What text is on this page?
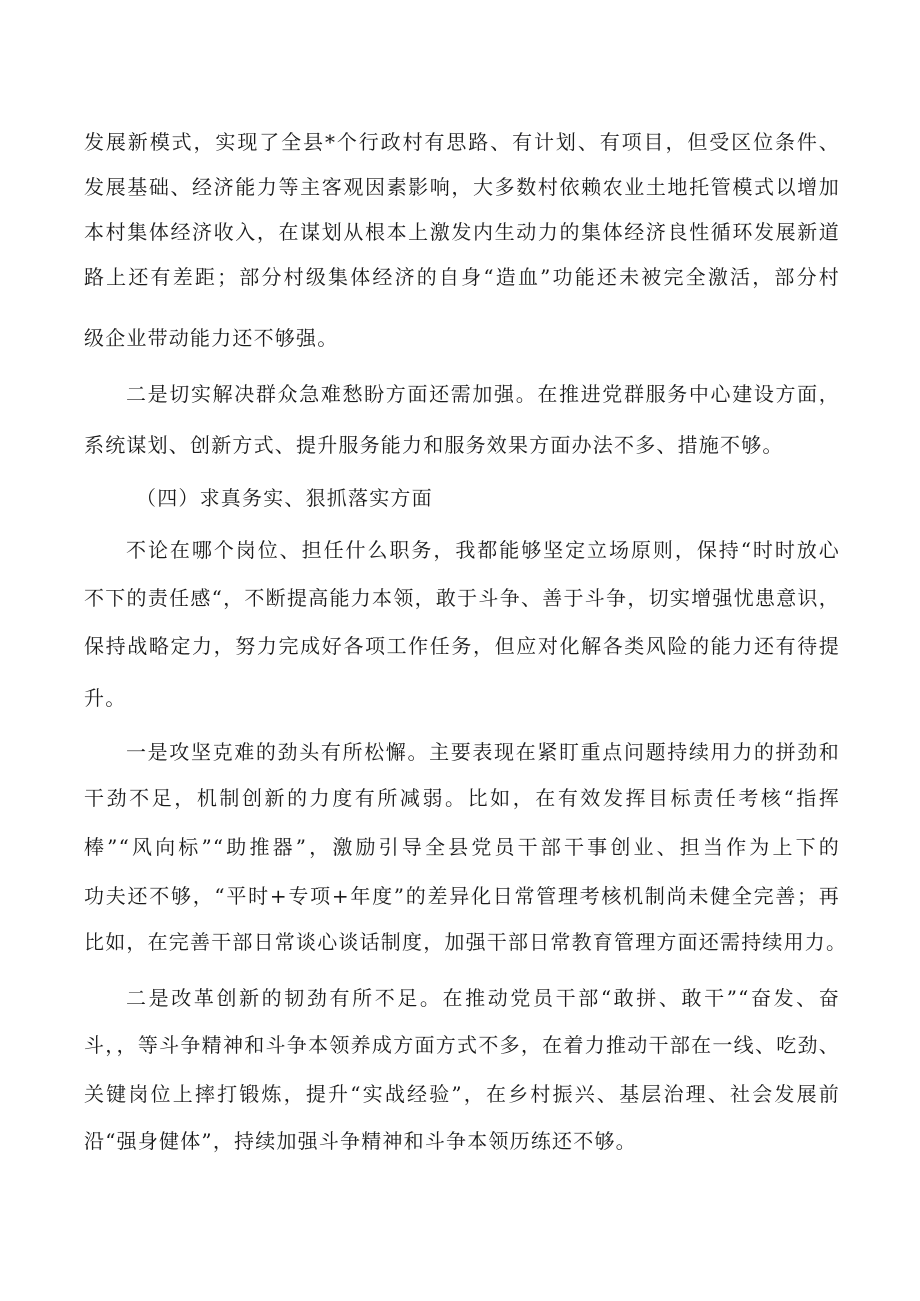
发展新模式，实现了全县*个行政村有思路、有计划、有项目，但受区位条件、
发展基础、经济能力等主客观因素影响，大多数村依赖农业土地托管模式以增加
本村集体经济收入，在谋划从根本上激发内生动力的集体经济良性循环发展新道
路上还有差距；部分村级集体经济的自身“造血”功能还未被完全激活，部分村
级企业带动能力还不够强。
二是切实解决群众急难愁盼方面还需加强。在推进党群服务中心建设方面，
系统谋划、创新方式、提升服务能力和服务效果方面办法不多、措施不够。
（四）求真务实、狠抓落实方面
不论在哪个岗位、担任什么职务，我都能够坚定立场原则，保持“时时放心
不下的责任感“，不断提高能力本领，敢于斗争、善于斗争，切实增强忧患意识，
保持战略定力，努力完成好各项工作任务，但应对化解各类风险的能力还有待提
升。
一是攻坚克难的劲头有所松懈。主要表现在紧盯重点问题持续用力的拼劲和
干劲不足，机制创新的力度有所减弱。比如，在有效发挥目标责任考核“指挥
棒”“风向标”“助推器”，激励引导全县党员干部干事创业、担当作为上下的
功夫还不够，“平时+专项+年度”的差异化日常管理考核机制尚未健全完善；再
比如，在完善干部日常谈心谈话制度，加强干部日常教育管理方面还需持续用力。
二是改革创新的韧劲有所不足。在推动党员干部“敢拼、敢干”“奋发、奋
斗，，等斗争精神和斗争本领养成方面方式不多，在着力推动干部在一线、吃劲、
关键岗位上摔打锻炼，提升“实战经验”，在乡村振兴、基层治理、社会发展前
沿“强身健体”，持续加强斗争精神和斗争本领历练还不够。
